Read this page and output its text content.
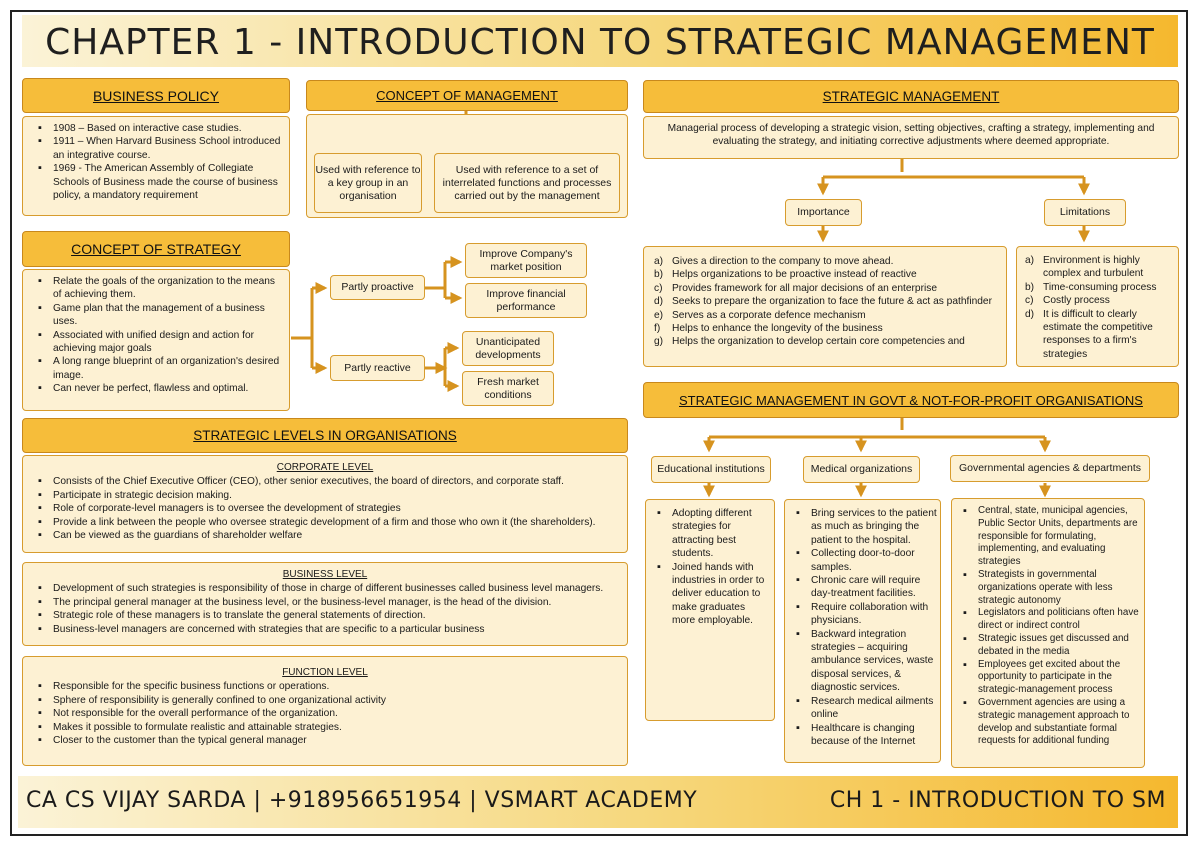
CHAPTER 1 - INTRODUCTION TO STRATEGIC MANAGEMENT
BUSINESS POLICY
▪ 1908 – Based on interactive case studies.
▪ 1911 – When Harvard Business School introduced an integrative course.
▪ 1969 - The American Assembly of Collegiate Schools of Business made the course of business policy, a mandatory requirement
CONCEPT OF MANAGEMENT
Used with reference to a key group in an organisation
Used with reference to a set of interrelated functions and processes carried out by the management
STRATEGIC MANAGEMENT
Managerial process of developing a strategic vision, setting objectives, crafting a strategy, implementing and evaluating the strategy, and initiating corrective adjustments where deemed appropriate.
Importance	Limitations
a) Gives a direction to the company to move ahead.
b) Helps organizations to be proactive instead of reactive
c) Provides framework for all major decisions of an enterprise
d) Seeks to prepare the organization to face the future & act as pathfinder
e) Serves as a corporate defence mechanism
f) Helps to enhance the longevity of the business
g) Helps the organization to develop certain core competencies and
a) Environment is highly complex and turbulent
b) Time-consuming process
c) Costly process
d) It is difficult to clearly estimate the competitive responses to a firm's strategies
CONCEPT OF STRATEGY
▪ Relate the goals of the organization to the means of achieving them.
▪ Game plan that the management of a business uses.
▪ Associated with unified design and action for achieving major goals
▪ A long range blueprint of an organization's desired image.
▪ Can never be perfect, flawless and optimal.
Partly proactive
Partly reactive
Improve Company's market position
Improve financial performance
Unanticipated developments
Fresh market conditions
STRATEGIC LEVELS IN ORGANISATIONS
CORPORATE LEVEL
▪ Consists of the Chief Executive Officer (CEO), other senior executives, the board of directors, and corporate staff.
▪ Participate in strategic decision making.
▪ Role of corporate-level managers is to oversee the development of strategies
▪ Provide a link between the people who oversee strategic development of a firm and those who own it (the shareholders).
▪ Can be viewed as the guardians of shareholder welfare
BUSINESS LEVEL
▪ Development of such strategies is responsibility of those in charge of different businesses called business level managers.
▪ The principal general manager at the business level, or the business-level manager, is the head of the division.
▪ Strategic role of these managers is to translate the general statements of direction.
▪ Business-level managers are concerned with strategies that are specific to a particular business
FUNCTION LEVEL
▪ Responsible for the specific business functions or operations.
▪ Sphere of responsibility is generally confined to one organizational activity
▪ Not responsible for the overall performance of the organization.
▪ Makes it possible to formulate realistic and attainable strategies.
▪ Closer to the customer than the typical general manager
STRATEGIC MANAGEMENT IN GOVT & NOT-FOR-PROFIT ORGANISATIONS
Educational institutions	Medical organizations	Governmental agencies & departments
▪ Adopting different strategies for attracting best students.
▪ Joined hands with industries in order to deliver education to make graduates more employable.
▪ Bring services to the patient as much as bringing the patient to the hospital.
▪ Collecting door-to-door samples.
▪ Chronic care will require day-treatment facilities.
▪ Require collaboration with physicians.
▪ Backward integration strategies – acquiring ambulance services, waste disposal services, & diagnostic services.
▪ Research medical ailments online
▪ Healthcare is changing because of the Internet
▪ Central, state, municipal agencies, Public Sector Units, departments are responsible for formulating, implementing, and evaluating strategies
▪ Strategists in governmental organizations operate with less strategic autonomy
▪ Legislators and politicians often have direct or indirect control
▪ Strategic issues get discussed and debated in the media
▪ Employees get excited about the opportunity to participate in the strategic-management process
▪ Government agencies are using a strategic management approach to develop and substantiate formal requests for additional funding
CA CS VIJAY SARDA | +918956651954 | VSMART ACADEMY	CH 1 - INTRODUCTION TO SM
